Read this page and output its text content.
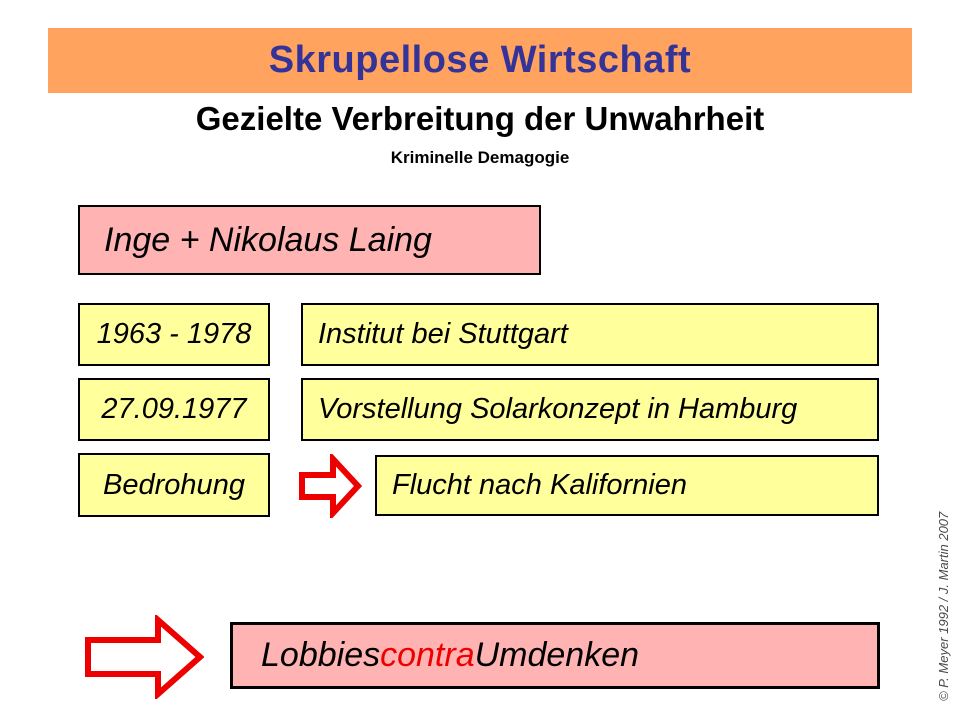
Skrupellose Wirtschaft
Gezielte Verbreitung der Unwahrheit
Kriminelle Demagogie
Inge + Nikolaus Laing
1963 - 1978 Institut bei Stuttgart
27.09.1977 Vorstellung Solarkonzept in Hamburg
Bedrohung	Flucht nach Kalifornien
Lobbies contra Umdenken	© P. Meyer 1992 / J. Martin 2007
